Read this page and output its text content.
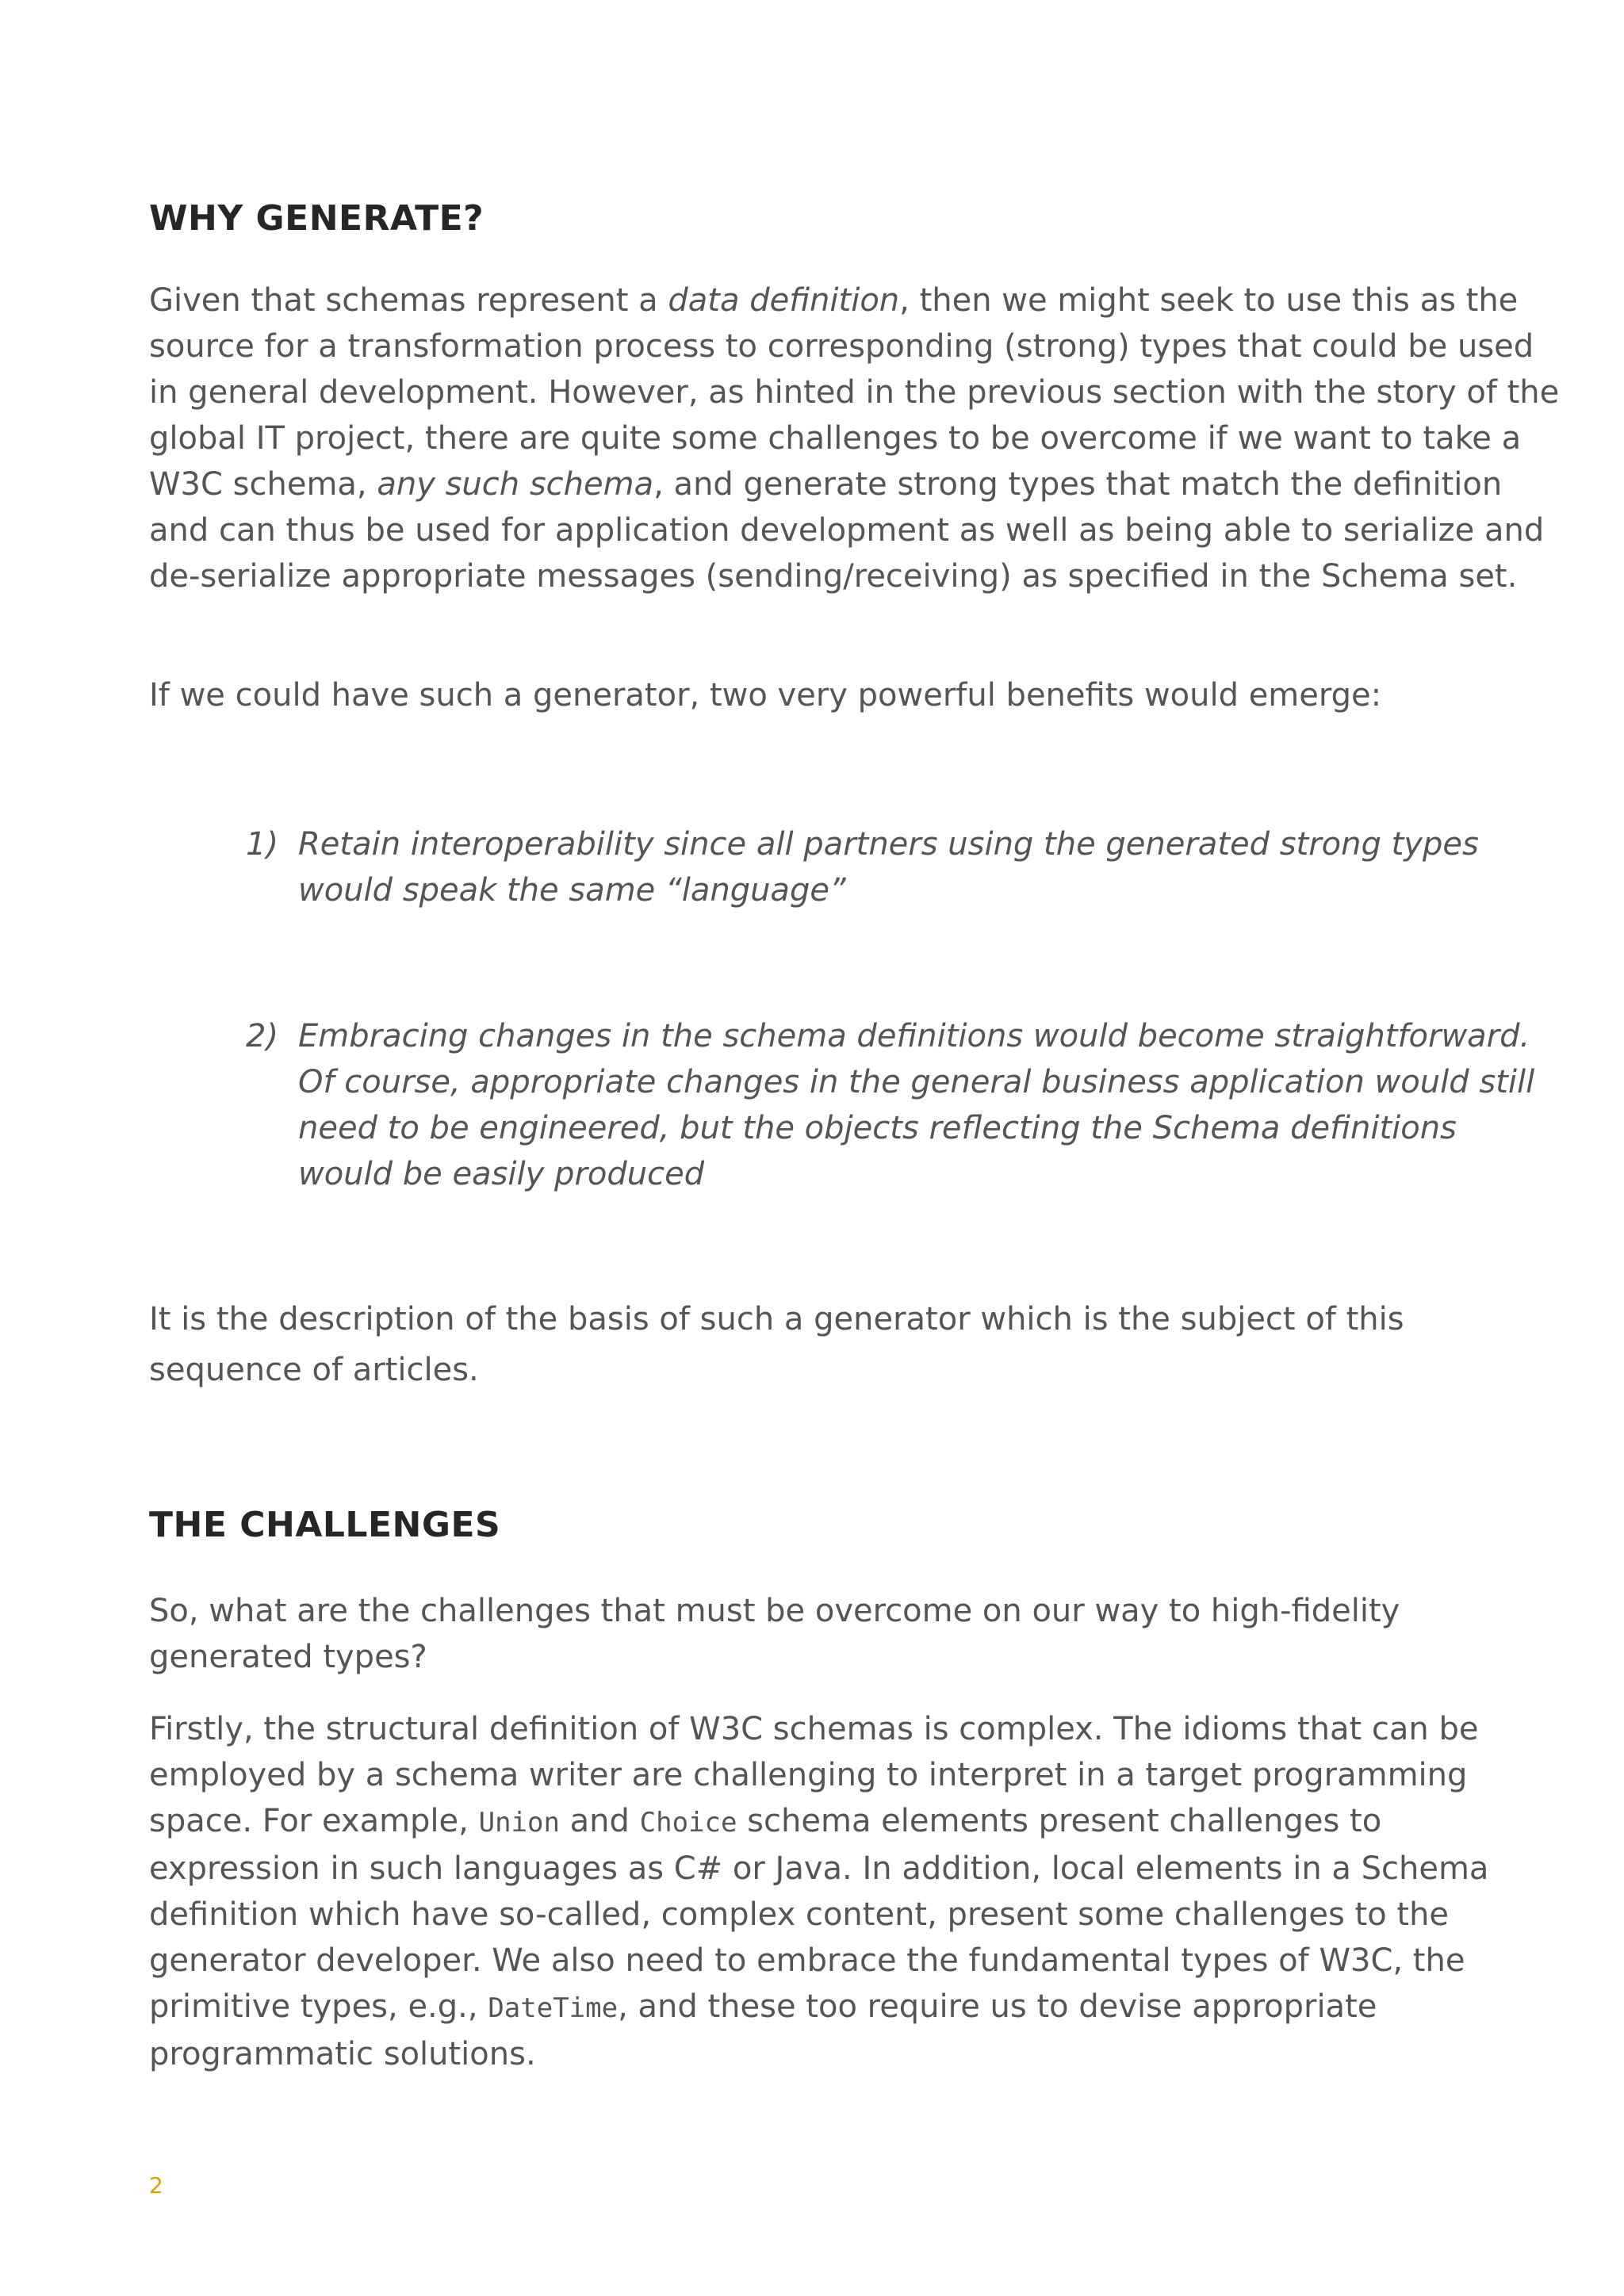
WHY GENERATE?

Given that schemas represent a data definition, then we might seek to use this as the source for a transformation process to corresponding (strong) types that could be used in general development. However, as hinted in the previous section with the story of the global IT project, there are quite some challenges to be overcome if we want to take a W3C schema, any such schema, and generate strong types that match the definition and can thus be used for application development as well as being able to serialize and de-serialize appropriate messages (sending/receiving) as specified in the Schema set.

If we could have such a generator, two very powerful benefits would emerge:

1) Retain interoperability since all partners using the generated strong types would speak the same “language”
2) Embracing changes in the schema definitions would become straightforward. Of course, appropriate changes in the general business application would still need to be engineered, but the objects reflecting the Schema definitions would be easily produced

It is the description of the basis of such a generator which is the subject of this sequence of articles.

THE CHALLENGES

So, what are the challenges that must be overcome on our way to high-fidelity generated types?

Firstly, the structural definition of W3C schemas is complex. The idioms that can be employed by a schema writer are challenging to interpret in a target programming space. For example, Union and Choice schema elements present challenges to expression in such languages as C# or Java. In addition, local elements in a Schema definition which have so-called, complex content, present some challenges to the generator developer. We also need to embrace the fundamental types of W3C, the primitive types, e.g., DateTime, and these too require us to devise appropriate programmatic solutions.

2
